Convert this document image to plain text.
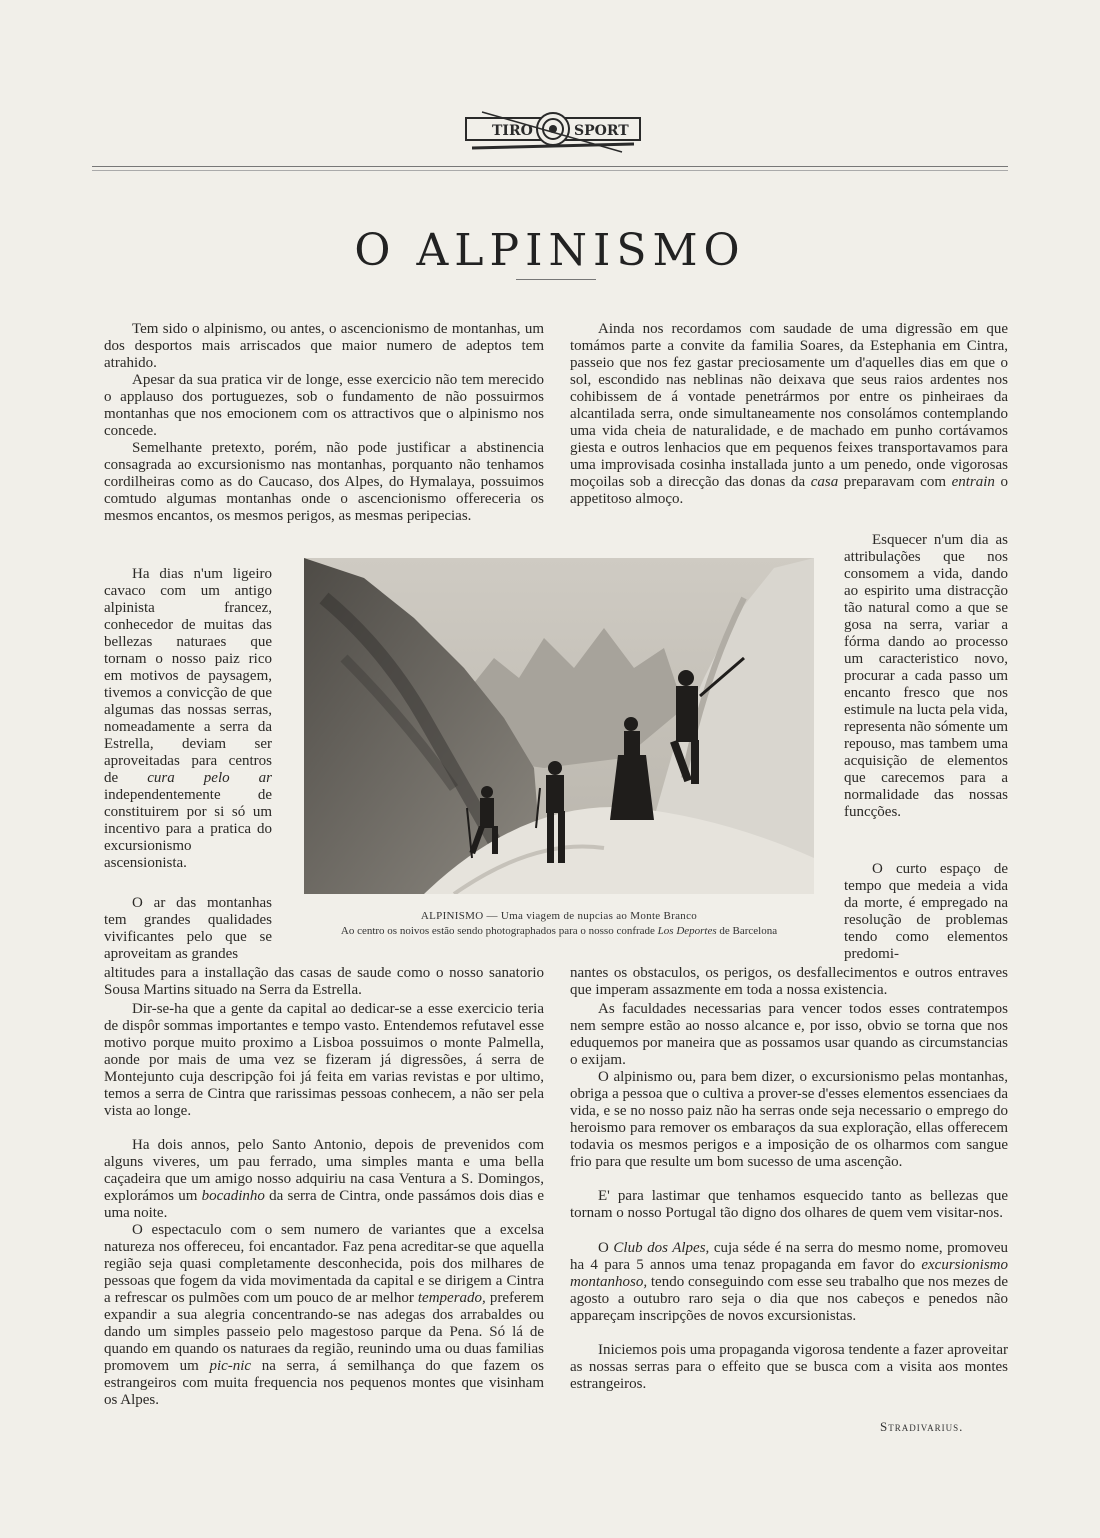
TIRO	SPORT
O ALPINISMO

Tem sido o alpinismo, ou antes, o ascencionismo de montanhas, um dos desportos mais arriscados que maior numero de adeptos tem atrahido.

Apesar da sua pratica vir de longe, esse exercicio não tem merecido o applauso dos portuguezes, sob o fundamento de não possuirmos montanhas que nos emocionem com os attractivos que o alpinismo nos concede.

Semelhante pretexto, porém, não pode justificar a abstinencia consagrada ao excursionismo nas montanhas, porquanto não tenhamos cordilheiras como as do Caucaso, dos Alpes, do Hymalaya, possuimos comtudo algumas montanhas onde o ascencionismo offereceria os mesmos encantos, os mesmos perigos, as mesmas peripecias.

Ha dias n'um ligeiro cavaco com um antigo alpinista francez, conhecedor de muitas das bellezas naturaes que tornam o nosso paiz rico em motivos de paysagem, tivemos a convicção de que algumas das nossas serras, nomeadamente a serra da Estrella, deviam ser aproveitadas para centros de cura pelo ar independentemente de constituirem por si só um incentivo para a pratica do excursionismo ascensionista.

O ar das montanhas tem grandes qualidades vivificantes pelo que se aproveitam as grandes

altitudes para a installação das casas de saude como o nosso sanatorio Sousa Martins situado na Serra da Estrella.

Dir-se-ha que a gente da capital ao dedicar-se a esse exercicio teria de dispôr sommas importantes e tempo vasto. Entendemos refutavel esse motivo porque muito proximo a Lisboa possuimos o monte Palmella, aonde por mais de uma vez se fizeram já digressões, á serra de Montejunto cuja descripção foi já feita em varias revistas e por ultimo, temos a serra de Cintra que rarissimas pessoas conhecem, a não ser pela vista ao longe.

Ha dois annos, pelo Santo Antonio, depois de prevenidos com alguns viveres, um pau ferrado, uma simples manta e uma bella caçadeira que um amigo nosso adquiriu na casa Ventura a S. Domingos, explorámos um bocadinho da serra de Cintra, onde passámos dois dias e uma noite.

O espectaculo com o sem numero de variantes que a excelsa natureza nos offereceu, foi encantador. Faz pena acreditar-se que aquella região seja quasi completamente desconhecida, pois dos milhares de pessoas que fogem da vida movimentada da capital e se dirigem a Cintra a refrescar os pulmões com um pouco de ar melhor temperado, preferem expandir a sua alegria concentrando-se nas adegas dos arrabaldes ou dando um simples passeio pelo magestoso parque da Pena. Só lá de quando em quando os naturaes da região, reunindo uma ou duas familias promovem um pic-nic na serra, á semilhança do que fazem os estrangeiros com muita frequencia nos pequenos montes que visinham os Alpes.

Ainda nos recordamos com saudade de uma digressão em que tomámos parte a convite da familia Soares, da Estephania em Cintra, passeio que nos fez gastar preciosamente um d'aquelles dias em que o sol, escondido nas neblinas não deixava que seus raios ardentes nos cohibissem de á vontade penetrármos por entre os pinheiraes da alcantilada serra, onde simultaneamente nos consolámos contemplando uma vida cheia de naturalidade, e de machado em punho cortávamos giesta e outros lenhacios que em pequenos feixes transportavamos para uma improvisada cosinha installada junto a um penedo, onde vigorosas moçoilas sob a direcção das donas da casa preparavam com entrain o appetitoso almoço.

Esquecer n'um dia as attribulações que nos consomem a vida, dando ao espirito uma distracção tão natural como a que se gosa na serra, variar a fórma dando ao processo um caracteristico novo, procurar a cada passo um encanto fresco que nos estimule na lucta pela vida, representa não sómente um repouso, mas tambem uma acquisição de elementos que carecemos para a normalidade das nossas funcções.

O curto espaço de tempo que medeia a vida da morte, é empregado na resolução de problemas tendo como elementos predomi-

nantes os obstaculos, os perigos, os desfallecimentos e outros entraves que imperam assazmente em toda a nossa existencia.

As faculdades necessarias para vencer todos esses contratempos nem sempre estão ao nosso alcance e, por isso, obvio se torna que nos eduquemos por maneira que as possamos usar quando as circumstancias o exijam.

O alpinismo ou, para bem dizer, o excursionismo pelas montanhas, obriga a pessoa que o cultiva a prover-se d'esses elementos essenciaes da vida, e se no nosso paiz não ha serras onde seja necessario o emprego do heroismo para remover os embaraços da sua exploração, ellas offerecem todavia os mesmos perigos e a imposição de os olharmos com sangue frio para que resulte um bom sucesso de uma ascenção.

E' para lastimar que tenhamos esquecido tanto as bellezas que tornam o nosso Portugal tão digno dos olhares de quem vem visitar-nos.

O Club dos Alpes, cuja séde é na serra do mesmo nome, promoveu ha 4 para 5 annos uma tenaz propaganda em favor do excursionismo montanhoso, tendo conseguindo com esse seu trabalho que nos mezes de agosto a outubro raro seja o dia que nos cabeços e penedos não appareçam inscripções de novos excursionistas.

Iniciemos pois uma propaganda vigorosa tendente a fazer aproveitar as nossas serras para o effeito que se busca com a visita aos montes estrangeiros.

ALPINISMO — Uma viagem de nupcias ao Monte Branco
Ao centro os noivos estão sendo photographados para o nosso confrade Los Deportes de Barcelona
Stradivarius.
